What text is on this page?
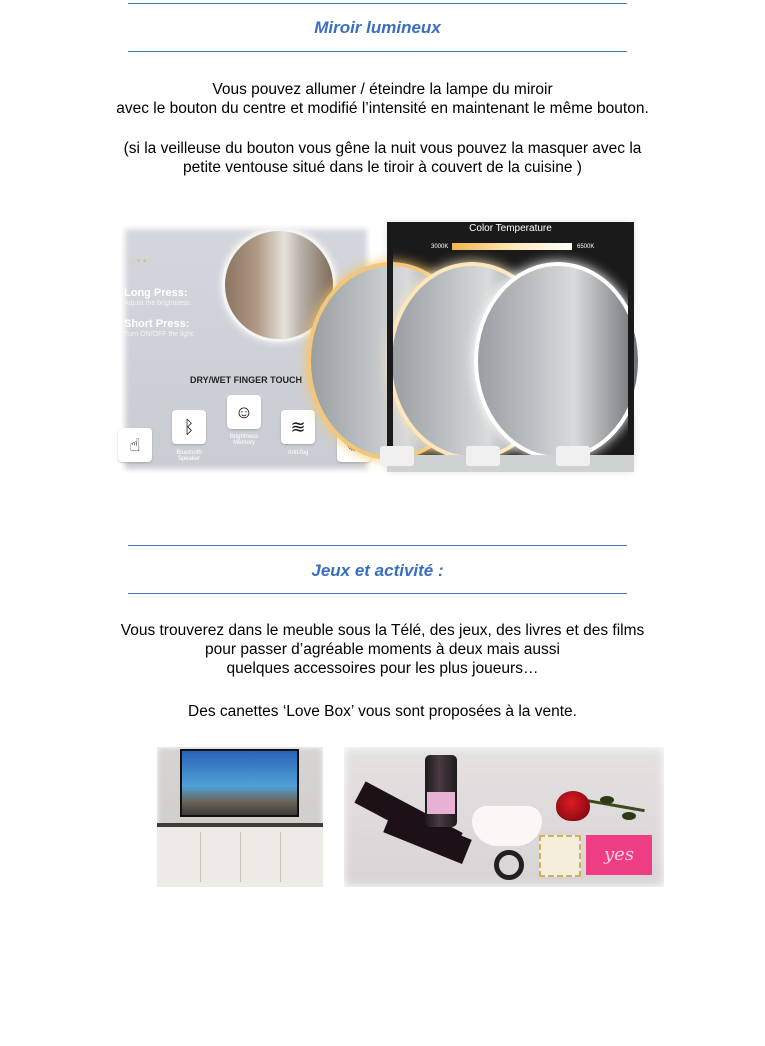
Miroir lumineux
Vous pouvez allumer / éteindre la lampe du miroir
avec le bouton du centre et modifié l’intensité en maintenant le même bouton.
(si la veilleuse du bouton vous gêne la nuit vous pouvez la masquer avec la
petite ventouse situé dans le tiroir à couvert de la cuisine )
◌ • •
Long Press:
Adjust the brightness.
Short Press:
Turn ON/OFF the light.
DRY/WET FINGER TOUCH
☝
ᛒ
Bluetooth Speaker
☺
Brightness Memory
≋
Anti-fog
Color Temperature
3000K	6500K
Jeux et activité :
Vous trouverez dans le meuble sous la Télé, des jeux, des livres et des films
pour passer d’agréable moments à deux mais aussi
quelques accessoires pour les plus joueurs…
Des canettes ‘Love Box’ vous sont proposées à la vente.
yes
